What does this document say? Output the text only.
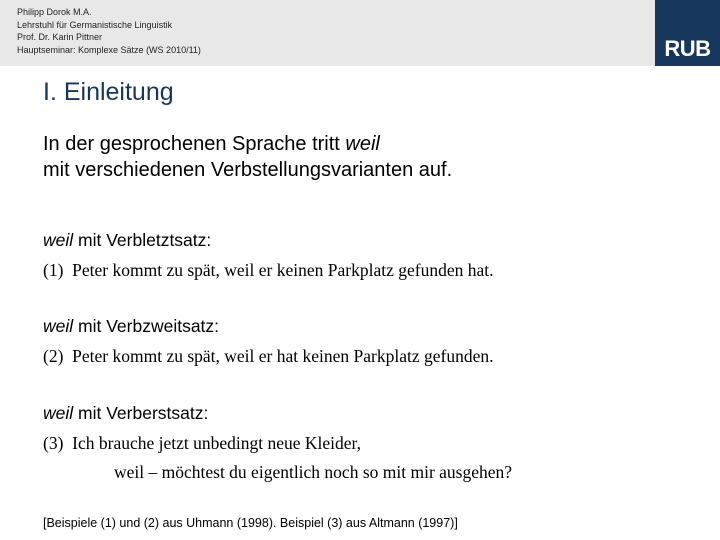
Philipp Dorok M.A.
Lehrstuhl für Germanistische Linguistik
Prof. Dr. Karin Pittner
Hauptseminar: Komplexe Sätze (WS 2010/11)	RUB
I. Einleitung
In der gesprochenen Sprache tritt weil
mit verschiedenen Verbstellungsvarianten auf.
weil mit Verbletztsatz:
(1) Peter kommt zu spät, weil er keinen Parkplatz gefunden hat.
weil mit Verbzweitsatz:
(2) Peter kommt zu spät, weil er hat keinen Parkplatz gefunden.
weil mit Verberstsatz:
(3) Ich brauche jetzt unbedingt neue Kleider,
weil – möchtest du eigentlich noch so mit mir ausgehen?
[Beispiele (1) und (2) aus Uhmann (1998). Beispiel (3) aus Altmann (1997)]
